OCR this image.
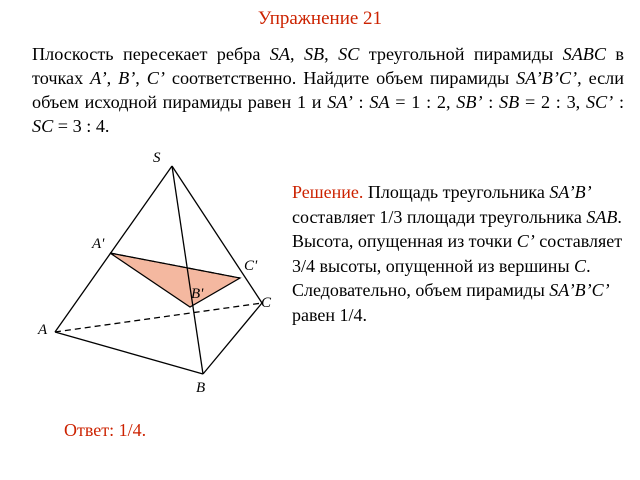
Упражнение 21
Плоскость пересекает ребра SA, SB, SC треугольной пирамиды SABC в точках A’, B’, C’ соответственно. Найдите объем пирамиды SA’B’C’, если объем исходной пирамиды равен 1 и SA’ : SA = 1 : 2, SB’ : SB = 2 : 3, SC’ : SC = 3 : 4.
S
A'
C'
B'
C
A
B
Решение. Площадь треугольника SA’B’ составляет 1/3 площади треугольника SAB. Высота, опущенная из точки C’ составляет 3/4 высоты, опущенной из вершины C. Следовательно, объем пирамиды SA’B’C’ равен 1/4.
Ответ: 1/4.
